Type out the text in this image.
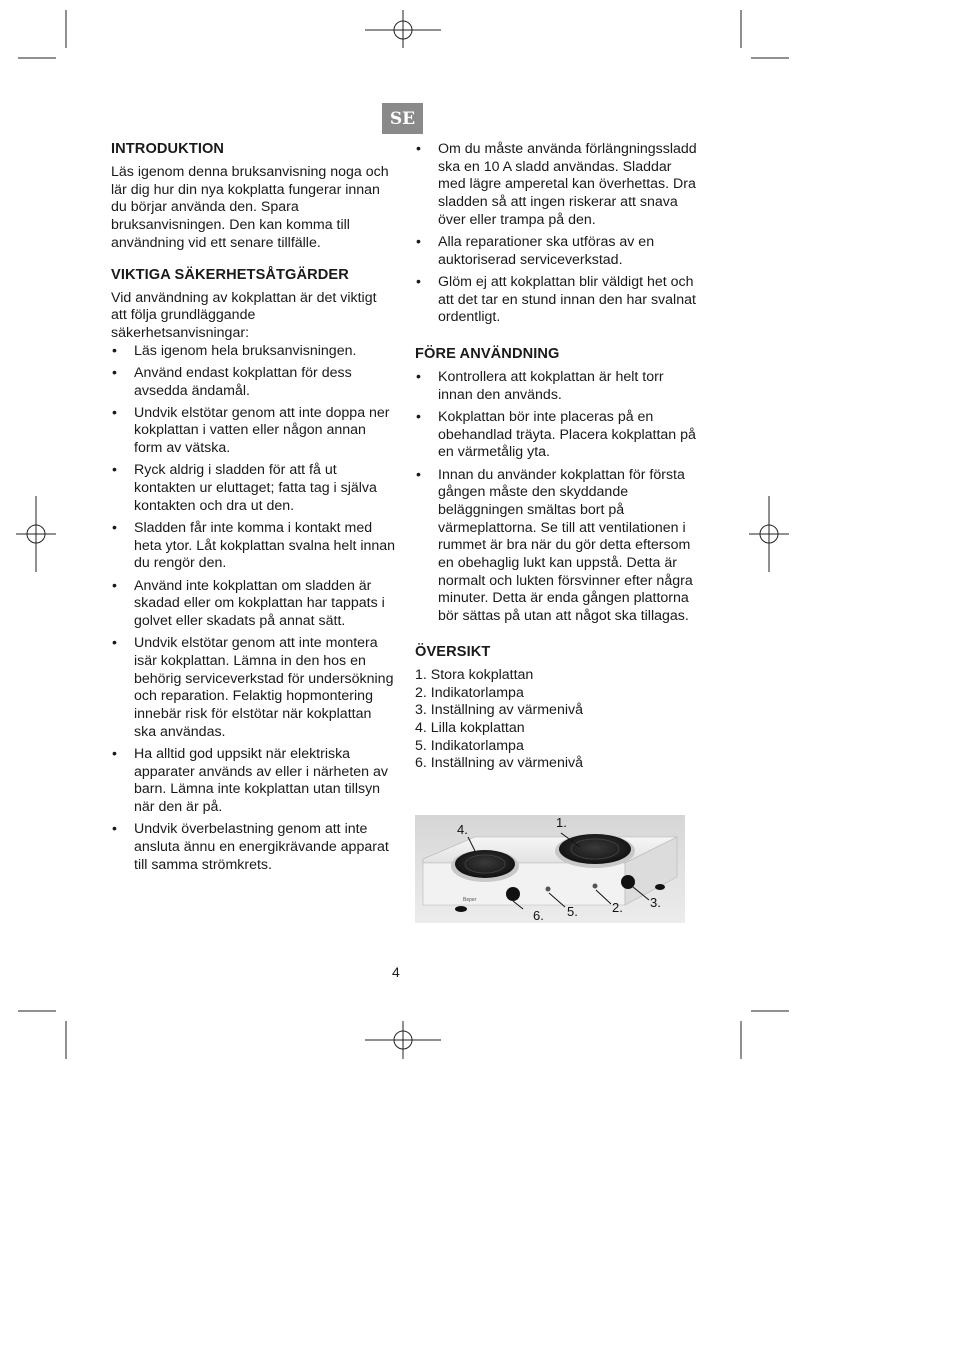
SE
INTRODUKTION

Läs igenom denna bruksanvisning noga och lär dig hur din nya kokplatta fungerar innan du börjar använda den. Spara bruksanvisningen. Den kan komma till användning vid ett senare tillfälle.

VIKTIGA SÄKERHETSÅTGÄRDER

Vid användning av kokplattan är det viktigt att följa grundläggande säkerhetsanvisningar:

• Läs igenom hela bruksanvisningen.
• Använd endast kokplattan för dess avsedda ändamål.
• Undvik elstötar genom att inte doppa ner kokplattan i vatten eller någon annan form av vätska.
• Ryck aldrig i sladden för att få ut kontakten ur eluttaget; fatta tag i själva kontakten och dra ut den.
• Sladden får inte komma i kontakt med heta ytor. Låt kokplattan svalna helt innan du rengör den.
• Använd inte kokplattan om sladden är skadad eller om kokplattan har tappats i golvet eller skadats på annat sätt.
• Undvik elstötar genom att inte montera isär kokplattan. Lämna in den hos en behörig serviceverkstad för undersökning och reparation. Felaktig hopmontering innebär risk för elstötar när kokplattan ska användas.
• Ha alltid god uppsikt när elektriska apparater används av eller i närheten av barn. Lämna inte kokplattan utan tillsyn när den är på.
• Undvik överbelastning genom att inte ansluta ännu en energikrävande apparat till samma strömkrets.
• Om du måste använda förlängningssladd ska en 10 A sladd användas. Sladdar med lägre amperetal kan överhettas. Dra sladden så att ingen riskerar att snava över eller trampa på den.
• Alla reparationer ska utföras av en auktoriserad serviceverkstad.
• Glöm ej att kokplattan blir väldigt het och att det tar en stund innan den har svalnat ordentligt.
FÖRE ANVÄNDNING
• Kontrollera att kokplattan är helt torr innan den används.
• Kokplattan bör inte placeras på en obehandlad träyta. Placera kokplattan på en värmetålig yta.
• Innan du använder kokplattan för första gången måste den skyddande beläggningen smältas bort på värmeplattorna. Se till att ventilationen i rummet är bra när du gör detta eftersom en obehaglig lukt kan uppstå. Detta är normalt och lukten försvinner efter några minuter. Detta är enda gången plattorna bör sättas på utan att något ska tillagas.
ÖVERSIKT
1. Stora kokplattan
2. Indikatorlampa
3. Inställning av värmenivå
4. Lilla kokplattan
5. Indikatorlampa
6. Inställning av värmenivå
1.
2. 3.
4.
5.
6.
Beper
4
